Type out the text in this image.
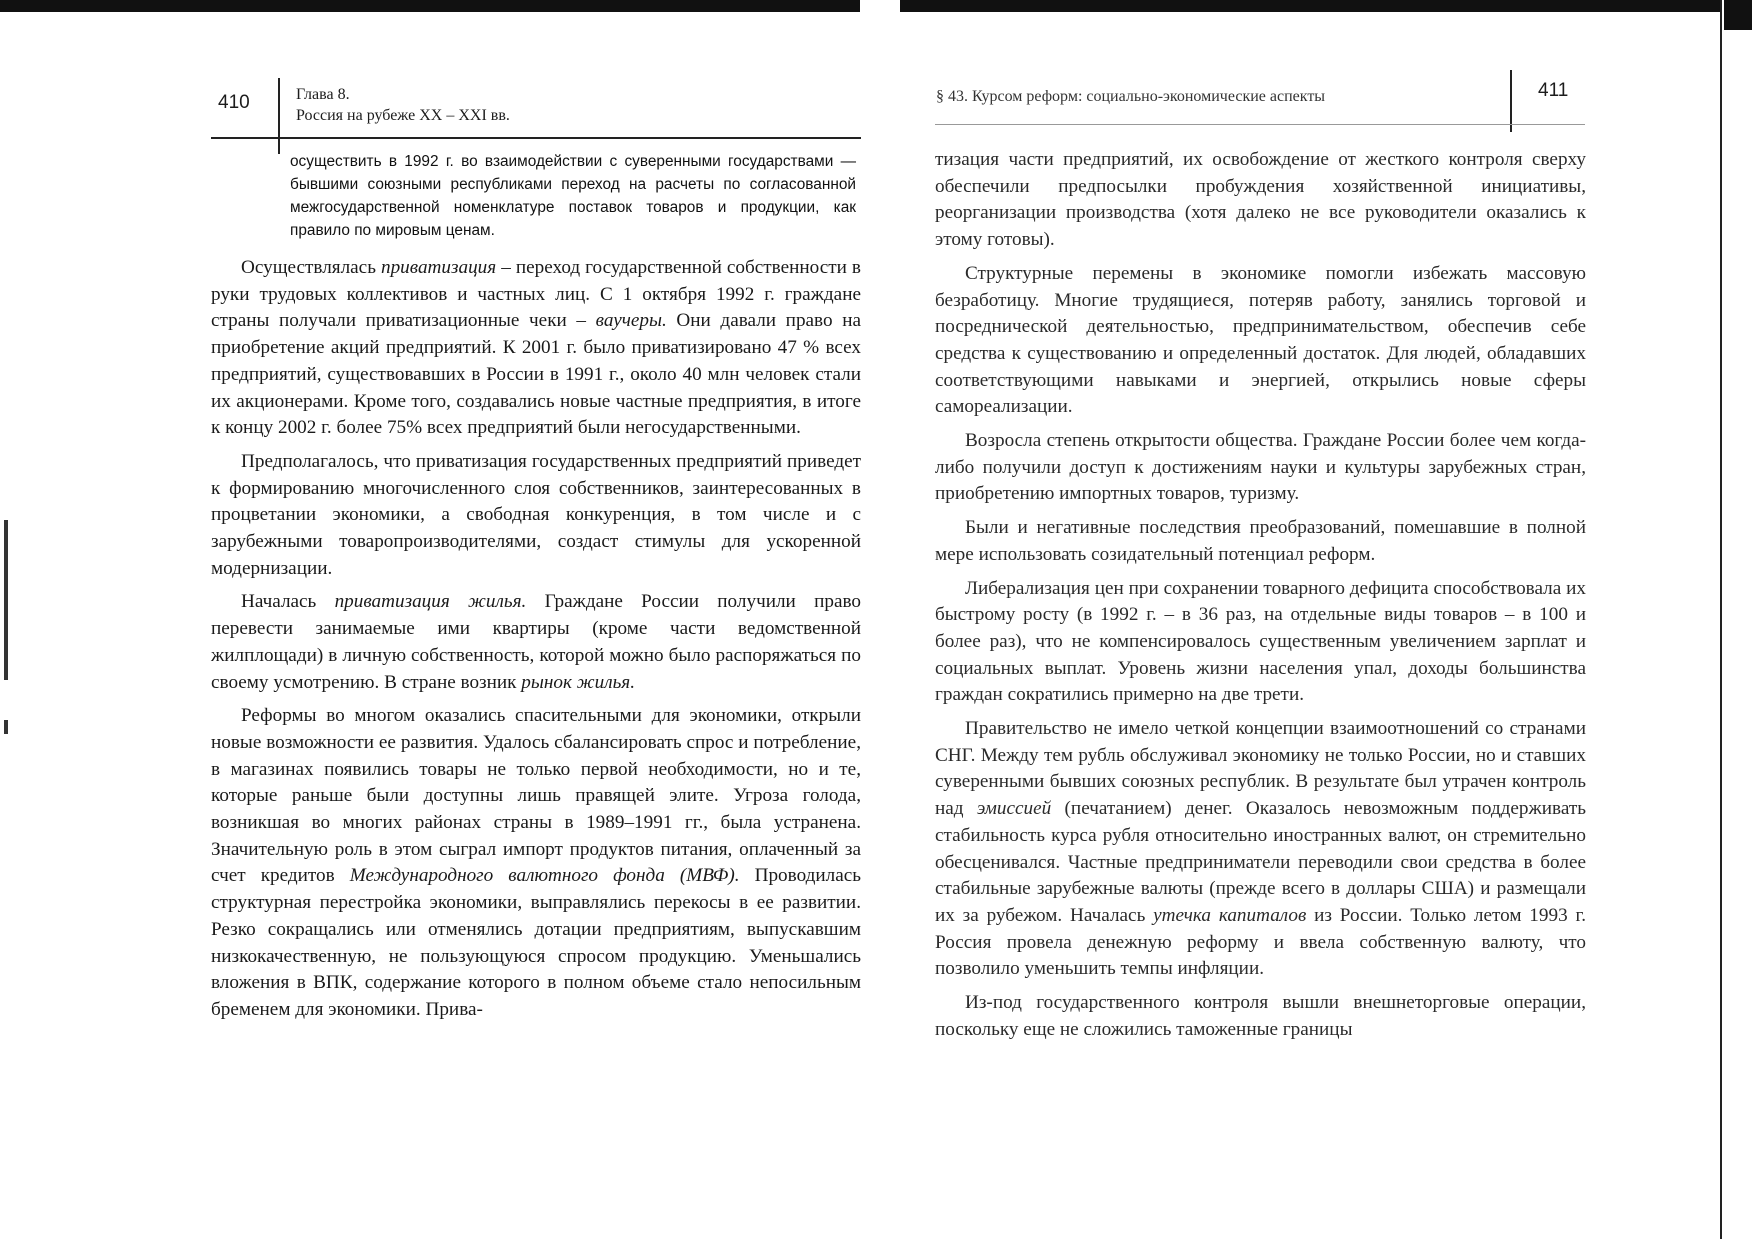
410	Глава 8.
Россия на рубеже XX – XXI вв.
осуществить в 1992 г. во взаимодействии с суверенными государствами — бывшими союзными республиками переход на расчеты по согласованной межгосударственной номенклатуре поставок товаров и продукции, как правило по мировым ценам.

Осуществлялась приватизация – переход государственной собственности в руки трудовых коллективов и частных лиц. С 1 октября 1992 г. граждане страны получали приватизационные чеки – ваучеры. Они давали право на приобретение акций предприятий. К 2001 г. было приватизировано 47 % всех предприятий, существовавших в России в 1991 г., около 40 млн человек стали их акционерами. Кроме того, создавались новые частные предприятия, в итоге к концу 2002 г. более 75% всех предприятий были негосударственными.

Предполагалось, что приватизация государственных предприятий приведет к формированию многочисленного слоя собственников, заинтересованных в процветании экономики, а свободная конкуренция, в том числе и с зарубежными товаропроизводителями, создаст стимулы для ускоренной модернизации.

Началась приватизация жилья. Граждане России получили право перевести занимаемые ими квартиры (кроме части ведомственной жилплощади) в личную собственность, которой можно было распоряжаться по своему усмотрению. В стране возник рынок жилья.

Реформы во многом оказались спасительными для экономики, открыли новые возможности ее развития. Удалось сбалансировать спрос и потребление, в магазинах появились товары не только первой необходимости, но и те, которые раньше были доступны лишь правящей элите. Угроза голода, возникшая во многих районах страны в 1989–1991 гг., была устранена. Значительную роль в этом сыграл импорт продуктов питания, оплаченный за счет кредитов Международного валютного фонда (МВФ). Проводилась структурная перестройка экономики, выправлялись перекосы в ее развитии. Резко сокращались или отменялись дотации предприятиям, выпускавшим низкокачественную, не пользующуюся спросом продукцию. Уменьшались вложения в ВПК, содержание которого в полном объеме стало непосильным бременем для экономики. Прива-

§ 43. Курсом реформ: социально-экономические аспекты	411

тизация части предприятий, их освобождение от жесткого контроля сверху обеспечили предпосылки пробуждения хозяйственной инициативы, реорганизации производства (хотя далеко не все руководители оказались к этому готовы).

Структурные перемены в экономике помогли избежать массовую безработицу. Многие трудящиеся, потеряв работу, занялись торговой и посреднической деятельностью, предпринимательством, обеспечив себе средства к существованию и определенный достаток. Для людей, обладавших соответствующими навыками и энергией, открылись новые сферы самореализации.

Возросла степень открытости общества. Граждане России более чем когда-либо получили доступ к достижениям науки и культуры зарубежных стран, приобретению импортных товаров, туризму.

Были и негативные последствия преобразований, помешавшие в полной мере использовать созидательный потенциал реформ.

Либерализация цен при сохранении товарного дефицита способствовала их быстрому росту (в 1992 г. – в 36 раз, на отдельные виды товаров – в 100 и более раз), что не компенсировалось существенным увеличением зарплат и социальных выплат. Уровень жизни населения упал, доходы большинства граждан сократились примерно на две трети.

Правительство не имело четкой концепции взаимоотношений со странами СНГ. Между тем рубль обслуживал экономику не только России, но и ставших суверенными бывших союзных республик. В результате был утрачен контроль над эмиссией (печатанием) денег. Оказалось невозможным поддерживать стабильность курса рубля относительно иностранных валют, он стремительно обесценивался. Частные предприниматели переводили свои средства в более стабильные зарубежные валюты (прежде всего в доллары США) и размещали их за рубежом. Началась утечка капиталов из России. Только летом 1993 г. Россия провела денежную реформу и ввела собственную валюту, что позволило уменьшить темпы инфляции.

Из-под государственного контроля вышли внешнеторговые операции, поскольку еще не сложились таможенные границы
